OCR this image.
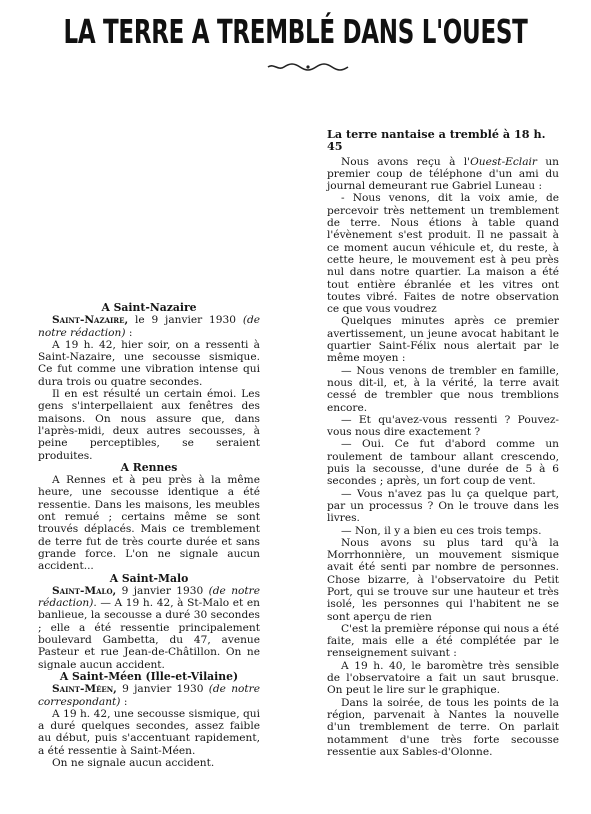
LA TERRE A TREMBLÉ DANS L'OUEST

A Saint-Nazaire

Saint-Nazaire, le 9 janvier 1930 (de notre rédaction) :

A 19 h. 42, hier soir, on a ressenti à Saint-Nazaire, une secousse sismique. Ce fut comme une vibration intense qui dura trois ou quatre secondes.

Il en est résulté un certain émoi. Les gens s'interpellaient aux fenêtres des maisons. On nous assure que, dans l'après-midi, deux autres secousses, à peine perceptibles, se seraient produites.

A Rennes

A Rennes et à peu près à la même heure, une secousse identique a été ressentie. Dans les maisons, les meubles ont remué ; certains même se sont trouvés déplacés. Mais ce tremblement de terre fut de très courte durée et sans grande force. L'on ne signale aucun accident...

A Saint-Malo

Saint-Malo, 9 janvier 1930 (de notre rédaction). — A 19 h. 42, à St-Malo et en banlieue, la secousse a duré 30 secondes ; elle a été ressentie principalement boulevard Gambetta, du 47, avenue Pasteur et rue Jean-de-Châtillon. On ne signale aucun accident.

A Saint-Méen (Ille-et-Vilaine)

Saint-Méen, 9 janvier 1930 (de notre correspondant) :

A 19 h. 42, une secousse sismique, qui a duré quelques secondes, assez faible au début, puis s'accentuant rapidement, a été ressentie à Saint-Méen.

On ne signale aucun accident.

La terre nantaise a tremblé à 18 h. 45

Nous avons reçu à l'Ouest-Eclair un premier coup de téléphone d'un ami du journal demeurant rue Gabriel Luneau :

- Nous venons, dit la voix amie, de percevoir très nettement un tremblement de terre. Nous étions à table quand l'évènement s'est produit. Il ne passait à ce moment aucun véhicule et, du reste, à cette heure, le mouvement est à peu près nul dans notre quartier. La maison a été tout entière ébranlée et les vitres ont toutes vibré. Faites de notre observation ce que vous voudrez

Quelques minutes après ce premier avertissement, un jeune avocat habitant le quartier Saint-Félix nous alertait par le même moyen :

— Nous venons de trembler en famille, nous dit-il, et, à la vérité, la terre avait cessé de trembler que nous tremblions encore.

— Et qu'avez-vous ressenti ? Pouvez-vous nous dire exactement ?

— Oui. Ce fut d'abord comme un roulement de tambour allant crescendo, puis la secousse, d'une durée de 5 à 6 secondes ; après, un fort coup de vent.

— Vous n'avez pas lu ça quelque part, par un processus ? On le trouve dans les livres.

— Non, il y a bien eu ces trois temps.

Nous avons su plus tard qu'à la Morrhonnière, un mouvement sismique avait été senti par nombre de personnes. Chose bizarre, à l'observatoire du Petit Port, qui se trouve sur une hauteur et très isolé, les personnes qui l'habitent ne se sont aperçu de rien

C'est la première réponse qui nous a été faite, mais elle a été complétée par le renseignement suivant :

A 19 h. 40, le baromètre très sensible de l'observatoire a fait un saut brusque. On peut le lire sur le graphique.

Dans la soirée, de tous les points de la région, parvenait à Nantes la nouvelle d'un tremblement de terre. On parlait notamment d'une très forte secousse ressentie aux Sables-d'Olonne.
